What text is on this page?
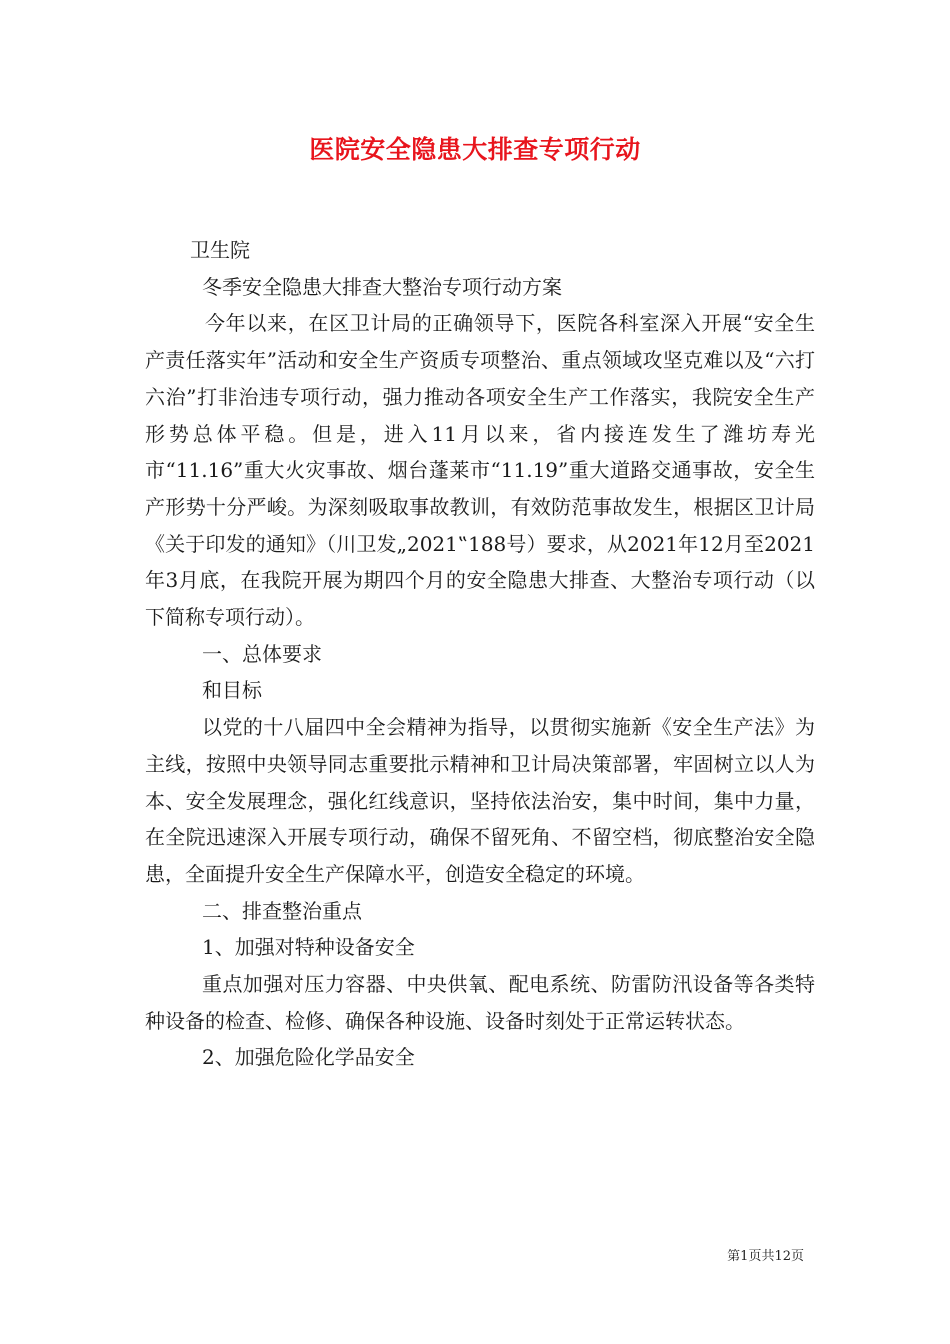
医院安全隐患大排查专项行动

卫生院

冬季安全隐患大排查大整治专项行动方案

今年以来，在区卫计局的正确领导下，医院各科室深入开展“安全生产责任落实年”活动和安全生产资质专项整治、重点领域攻坚克难以及“六打六治”打非治违专项行动，强力推动各项安全生产工作落实，我院安全生产形势总体平稳。但是，进入11月以来，省内接连发生了潍坊寿光市“11.16”重大火灾事故、烟台蓬莱市“11.19”重大道路交通事故，安全生产形势十分严峻。为深刻吸取事故教训，有效防范事故发生，根据区卫计局《关于印发的通知》（川卫发„2021‟188号）要求，从2021年12月至2021年3月底，在我院开展为期四个月的安全隐患大排查、大整治专项行动（以下简称专项行动）。

一、总体要求

和目标

以党的十八届四中全会精神为指导，以贯彻实施新《安全生产法》为主线，按照中央领导同志重要批示精神和卫计局决策部署，牢固树立以人为本、安全发展理念，强化红线意识，坚持依法治安，集中时间，集中力量，在全院迅速深入开展专项行动，确保不留死角、不留空档，彻底整治安全隐患，全面提升安全生产保障水平，创造安全稳定的环境。

二、排查整治重点

1、加强对特种设备安全

重点加强对压力容器、中央供氧、配电系统、防雷防汛设备等各类特种设备的检查、检修、确保各种设施、设备时刻处于正常运转状态。

2、加强危险化学品安全

第1页共12页
